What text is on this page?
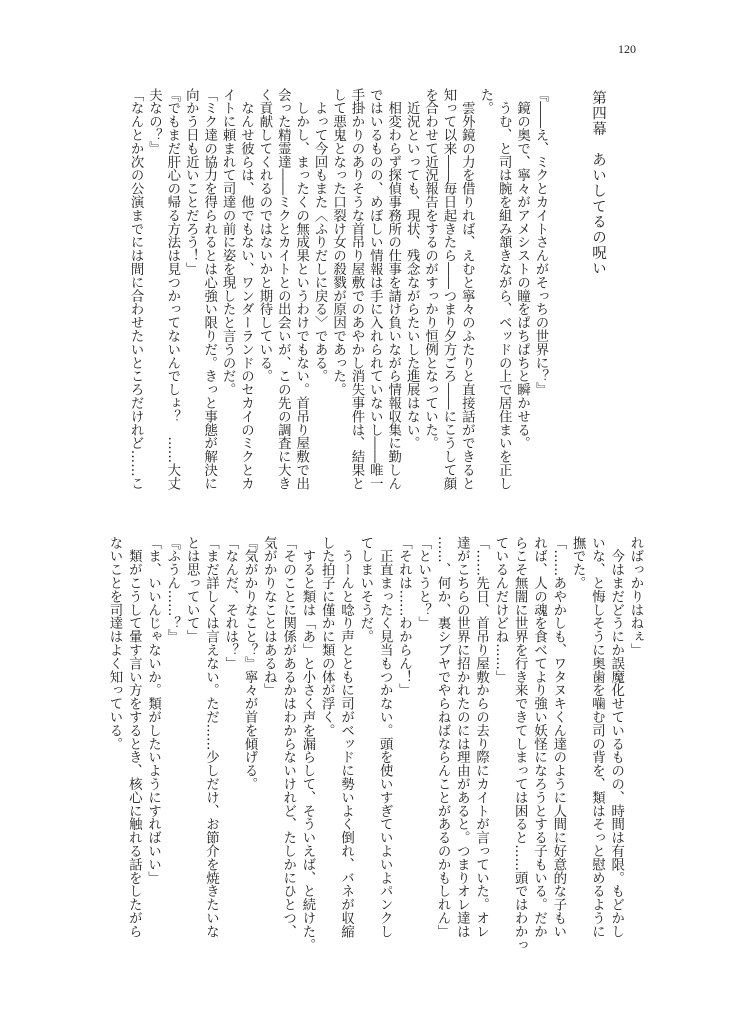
120
第四幕　あいしてるの呪い
『――え、ミクとカイトさんがそっちの世界に？』
　鏡の奥で、寧々がアメシストの瞳をぱちぱちと瞬かせる。
　うむ、と司は腕を組み頷きながら、ベッドの上で居住まいを正し
た。
　雲外鏡の力を借りれば、えむと寧々のふたりと直接話ができると
知って以来――毎日起きたら――つまり夕方ごろ――にこうして顔
を合わせて近況報告をするのがすっかり恒例となっていた。
　近況といっても、現状、残念ながらたいした進展はない。
　相変わらず探偵事務所の仕事を請け負いながら情報収集に勤しん
ではいるものの、めぼしい情報は手に入れられていないし――唯一
手掛かりのありそうな首吊り屋敷でのあやかし消失事件は、結果と
して悪鬼となった口裂け女の殺戮が原因であった。
　よって今回もまた〈ふりだしに戻る〉である。
　しかし、まったくの無成果というわけでもない。首吊り屋敷で出
会った精霊達――ミクとカイトとの出会いが、この先の調査に大き
く貢献してくれるのではないかと期待している。
　なんせ彼らは、他でもない、ワンダーランドのセカイのミクとカ
イトに頼まれて司達の前に姿を現したと言うのだ。
「ミク達の協力を得られるとは心強い限りだ。きっと事態が解決に
向かう日も近いことだろう！」
『でもまだ肝心の帰る方法は見つかってないんでしょ？　……大丈
夫なの？』
「なんとか次の公演までには間に合わせたいところだけれど……こ
ればっかりはねぇ」
　今はまだどうにか誤魔化せているものの、時間は有限。もどかし
いな、と悔しそうに奥歯を噛む司の背を、類はそっと慰めるように
撫でた。
「……あやかしも、ワタヌキくん達のように人間に好意的な子もい
れば、人の魂を食べてより強い妖怪になろうとする子もいる。だか
らこそ無闇に世界を行き来できてしまっては困ると……頭ではわかっ
ているんだけどね……」
「……先日、首吊り屋敷からの去り際にカイトが言っていた。オレ
達がこちらの世界に招かれたのには理由があると。つまりオレ達は
……、何か、裏シブヤでやらねばならんことがあるのかもしれん」
「というと？」
「それは……わからん！」
　正直まったく見当もつかない。頭を使いすぎていよいよパンクし
てしまいそうだ。
　うーんと唸り声とともに司がベッドに勢いよく倒れ、バネが収縮
した拍子に僅かに類の体が浮く。
　すると類は「あ」と小さく声を漏らして、そういえば、と続けた。
「そのことに関係があるかはわからないけれど、たしかにひとつ、
気がかりなことはあるね」
『気がかりなこと？』寧々が首を傾げる。
「なんだ、それは？」
「まだ詳しくは言えない。ただ……少しだけ、お節介を焼きたいな
とは思っていて」
『ふうん……？』
「ま、いいんじゃないか。類がしたいようにすればいい」
　類がこうして暈す言い方をするとき、核心に触れる話をしたがら
ないことを司達はよく知っている。
